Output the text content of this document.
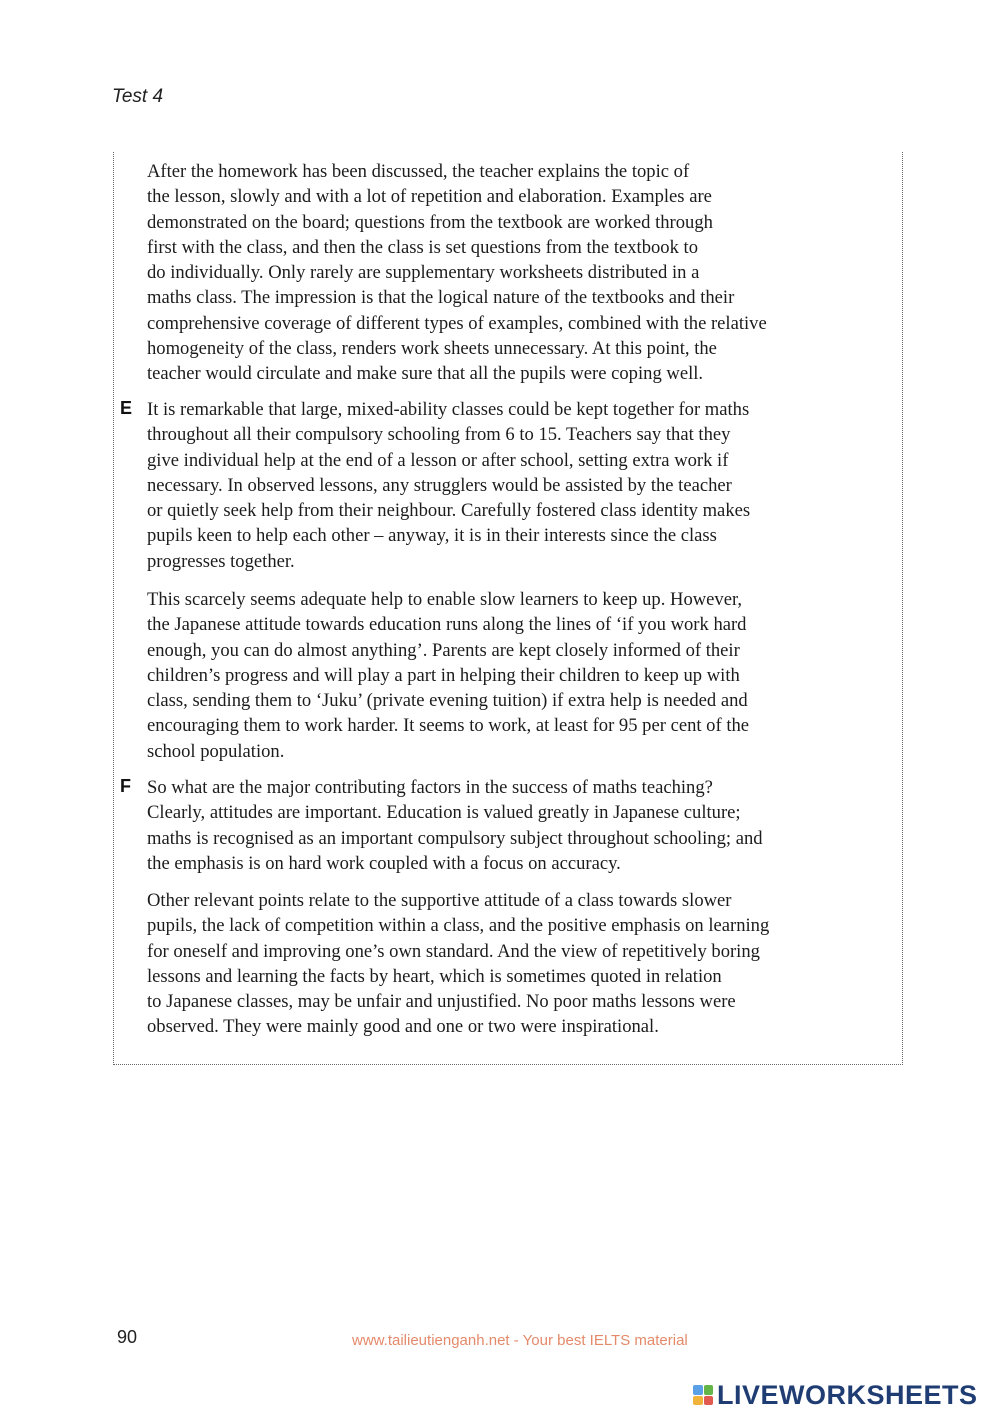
Test 4
After the homework has been discussed, the teacher explains the topic of
the lesson, slowly and with a lot of repetition and elaboration. Examples are
demonstrated on the board; questions from the textbook are worked through
first with the class, and then the class is set questions from the textbook to
do individually. Only rarely are supplementary worksheets distributed in a
maths class. The impression is that the logical nature of the textbooks and their
comprehensive coverage of different types of examples, combined with the relative
homogeneity of the class, renders work sheets unnecessary. At this point, the
teacher would circulate and make sure that all the pupils were coping well.
E It is remarkable that large, mixed-ability classes could be kept together for maths
throughout all their compulsory schooling from 6 to 15. Teachers say that they
give individual help at the end of a lesson or after school, setting extra work if
necessary. In observed lessons, any strugglers would be assisted by the teacher
or quietly seek help from their neighbour. Carefully fostered class identity makes
pupils keen to help each other – anyway, it is in their interests since the class
progresses together.
This scarcely seems adequate help to enable slow learners to keep up. However,
the Japanese attitude towards education runs along the lines of ‘if you work hard
enough, you can do almost anything’. Parents are kept closely informed of their
children’s progress and will play a part in helping their children to keep up with
class, sending them to ‘Juku’ (private evening tuition) if extra help is needed and
encouraging them to work harder. It seems to work, at least for 95 per cent of the
school population.
F So what are the major contributing factors in the success of maths teaching?
Clearly, attitudes are important. Education is valued greatly in Japanese culture;
maths is recognised as an important compulsory subject throughout schooling; and
the emphasis is on hard work coupled with a focus on accuracy.
Other relevant points relate to the supportive attitude of a class towards slower
pupils, the lack of competition within a class, and the positive emphasis on learning
for oneself and improving one’s own standard. And the view of repetitively boring
lessons and learning the facts by heart, which is sometimes quoted in relation
to Japanese classes, may be unfair and unjustified. No poor maths lessons were
observed. They were mainly good and one or two were inspirational.
90	www.tailieutienganh.net - Your best IELTS material
LIVEWORKSHEETS
